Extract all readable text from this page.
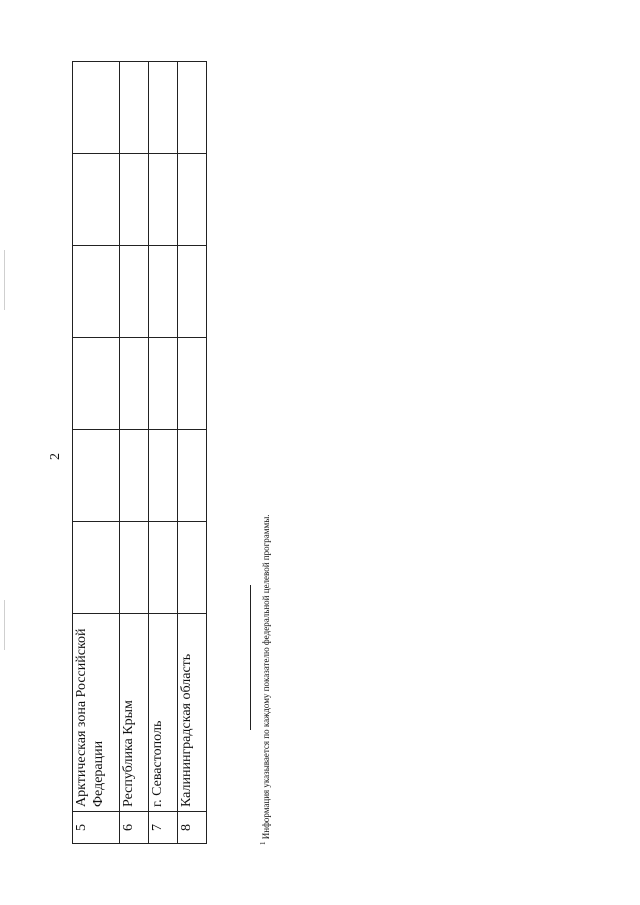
2
5	Арктическая зона Российской Федерации						
6	Республика Крым						
7	г. Севастополь						
8	Калининградская область						
$^1$ Информация указывается по каждому показателю федеральной целевой программы.
